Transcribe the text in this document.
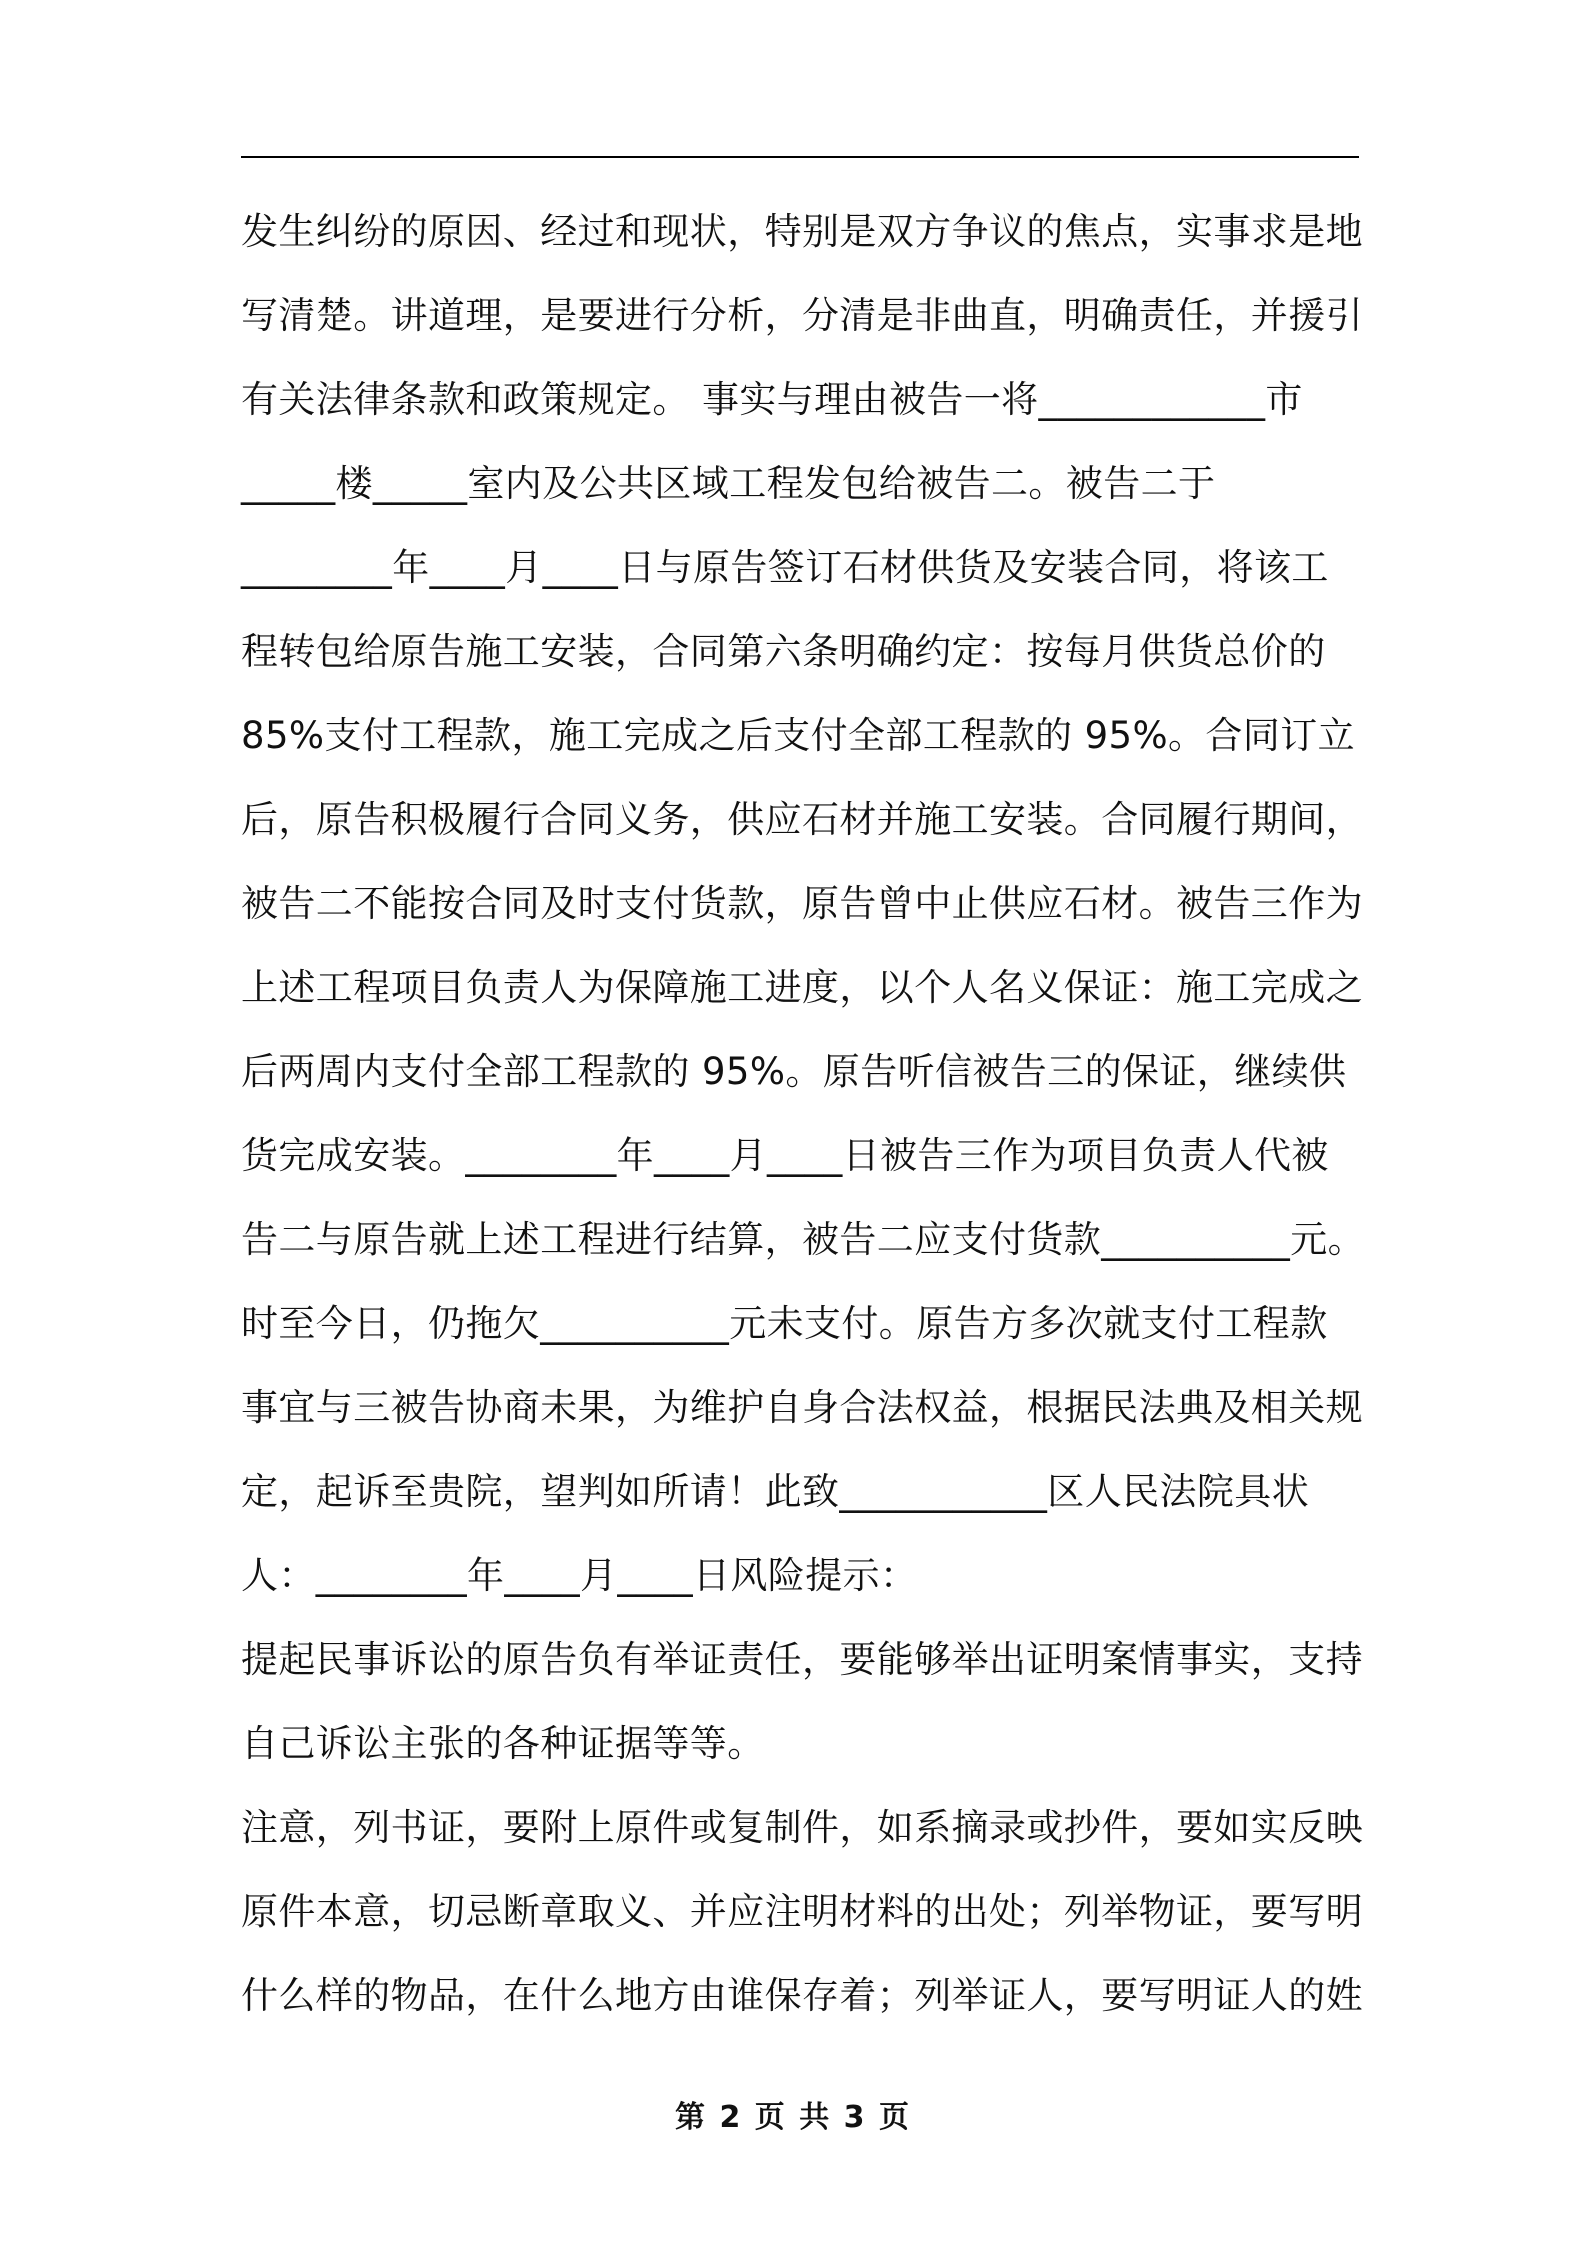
发生纠纷的原因、经过和现状，特别是双方争议的焦点，实事求是地
写清楚。讲道理，是要进行分析，分清是非曲直，明确责任，并援引
有关法律条款和政策规定。 事实与理由被告一将____________市
_____楼_____室内及公共区域工程发包给被告二。被告二于
________年____月____日与原告签订石材供货及安装合同，将该工
程转包给原告施工安装，合同第六条明确约定：按每月供货总价的
85%支付工程款，施工完成之后支付全部工程款的 95%。合同订立
后，原告积极履行合同义务，供应石材并施工安装。合同履行期间，
被告二不能按合同及时支付货款，原告曾中止供应石材。被告三作为
上述工程项目负责人为保障施工进度，以个人名义保证：施工完成之
后两周内支付全部工程款的 95%。原告听信被告三的保证，继续供
货完成安装。________年____月____日被告三作为项目负责人代被
告二与原告就上述工程进行结算，被告二应支付货款__________元。
时至今日，仍拖欠__________元未支付。原告方多次就支付工程款
事宜与三被告协商未果，为维护自身合法权益，根据民法典及相关规
定，起诉至贵院，望判如所请！此致___________区人民法院具状
人：________年____月____日风险提示：
提起民事诉讼的原告负有举证责任，要能够举出证明案情事实，支持
自己诉讼主张的各种证据等等。
注意，列书证，要附上原件或复制件，如系摘录或抄件，要如实反映
原件本意，切忌断章取义、并应注明材料的出处；列举物证，要写明
什么样的物品，在什么地方由谁保存着；列举证人，要写明证人的姓
第 2 页 共 3 页
